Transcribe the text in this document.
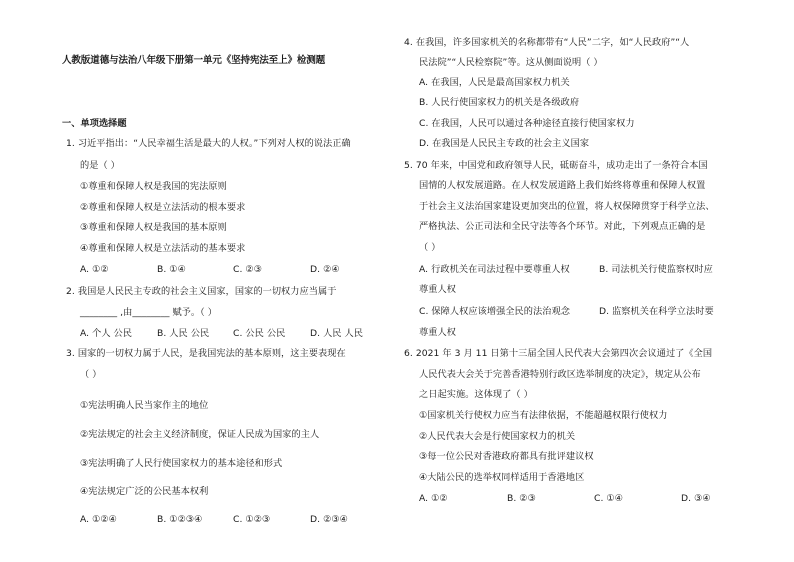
人教版道德与法治八年级下册第一单元《坚持宪法至上》检测题
一、单项选择题
1. 习近平指出：“人民幸福生活是最大的人权。”下列对人权的说法正确
的是（ ）
①尊重和保障人权是我国的宪法原则
②尊重和保障人权是立法活动的根本要求
③尊重和保障人权是我国的基本原则
④尊重和保障人权是立法活动的基本要求
A. ①②	B. ①④	C. ②③	D. ②④
2. 我国是人民民主专政的社会主义国家，国家的一切权力应当属于
________ ,由________ 赋予。（ ）
A. 个人 公民	B. 人民 公民	C. 公民 公民	D. 人民 人民
3. 国家的一切权力属于人民，是我国宪法的基本原则，这主要表现在
（ ）
①宪法明确人民当家作主的地位
②宪法规定的社会主义经济制度，保证人民成为国家的主人
③宪法明确了人民行使国家权力的基本途径和形式
④宪法规定广泛的公民基本权利
A. ①②④	B. ①②③④	C. ①②③	D. ②③④
4. 在我国，许多国家机关的名称都带有“人民”二字，如“人民政府”“人
民法院”“人民检察院”等。这从侧面说明（ ）
A. 在我国，人民是最高国家权力机关
B. 人民行使国家权力的机关是各级政府
C. 在我国，人民可以通过各种途径直接行使国家权力
D. 在我国是人民民主专政的社会主义国家
5. 70 年来，中国党和政府领导人民，砥砺奋斗，成功走出了一条符合本国
国情的人权发展道路。在人权发展道路上我们始终将尊重和保障人权置
于社会主义法治国家建设更加突出的位置，将人权保障贯穿于科学立法、
严格执法、公正司法和全民守法等各个环节。对此，下列观点正确的是
（ ）
A. 行政机关在司法过程中要尊重人权	B. 司法机关行使监察权时应
尊重人权
C. 保障人权应该增强全民的法治观念	D. 监察机关在科学立法时要
尊重人权
6. 2021 年 3 月 11 日第十三届全国人民代表大会第四次会议通过了《全国
人民代表大会关于完善香港特别行政区选举制度的决定》，规定从公布
之日起实施。这体现了（ ）
①国家机关行使权力应当有法律依据，不能超越权限行使权力
②人民代表大会是行使国家权力的机关
③每一位公民对香港政府都具有批评建议权
④大陆公民的选举权同样适用于香港地区
A. ①②	B. ②③	C. ①④	D. ③④
